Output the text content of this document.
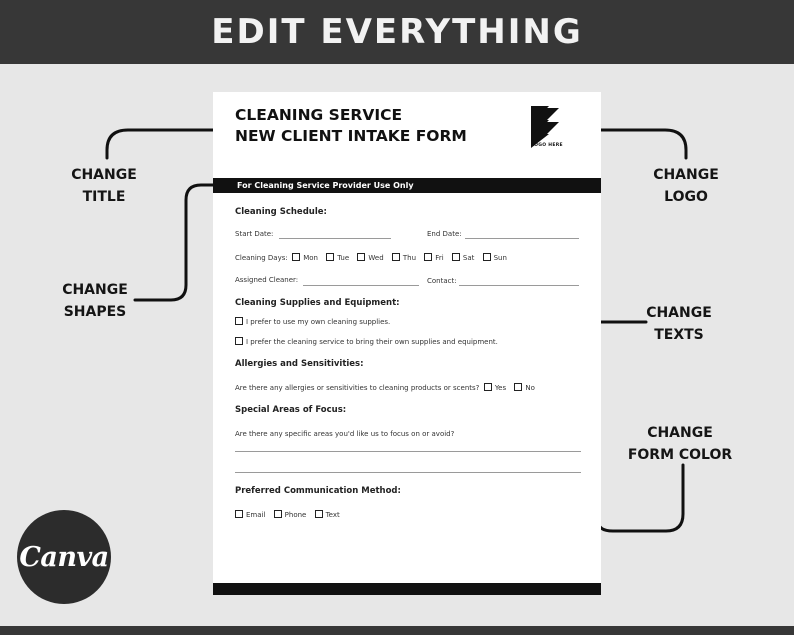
EDIT EVERYTHING
CHANGE
TITLE
CHANGE
SHAPES
CHANGE
LOGO
CHANGE
TEXTS
CHANGE
FORM COLOR
CLEANING SERVICE
NEW CLIENT INTAKE FORM
LOGO HERE
For Cleaning Service Provider Use Only
Cleaning Schedule:
Start Date:	End Date:
Cleaning Days: Mon	Tue	Wed	Thu	Fri	Sat	Sun
Assigned Cleaner:	Contact:
Cleaning Supplies and Equipment:
I prefer to use my own cleaning supplies.
I prefer the cleaning service to bring their own supplies and equipment.
Allergies and Sensitivities:
Are there any allergies or sensitivities to cleaning products or scents? Yes	No
Special Areas of Focus:
Are there any specific areas you'd like us to focus on or avoid?
Preferred Communication Method:
Email	Phone	Text
Canva
